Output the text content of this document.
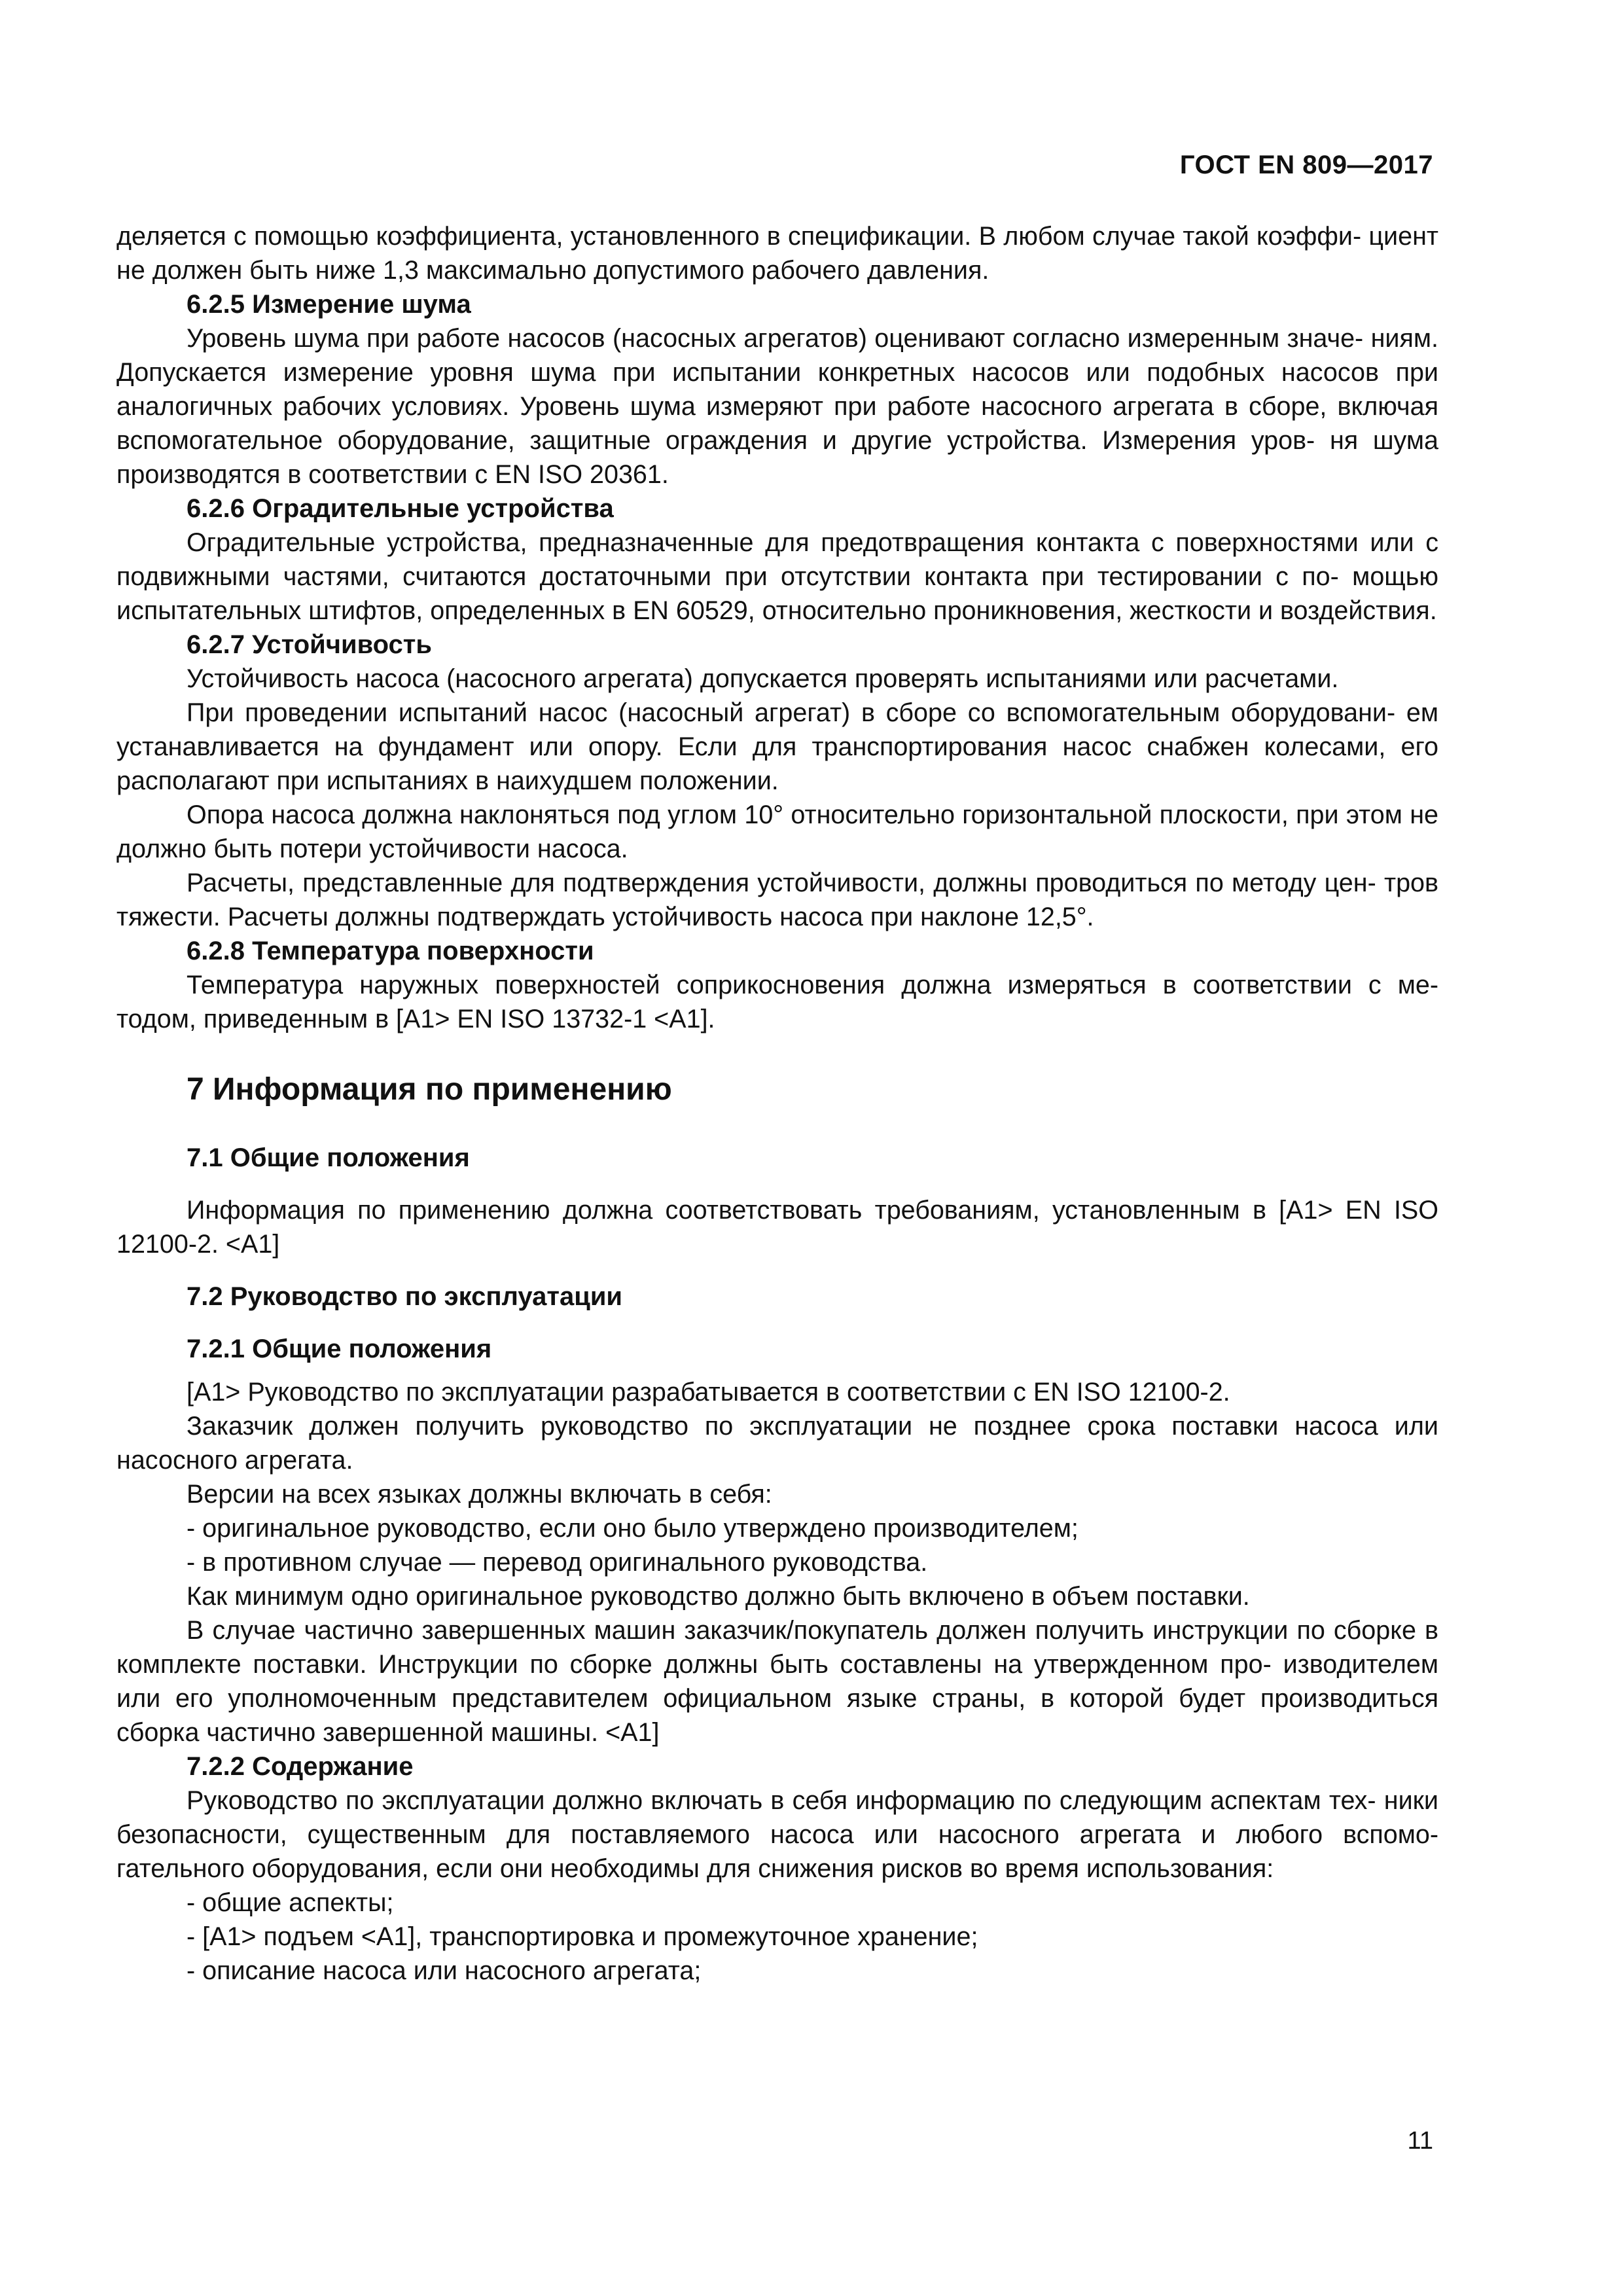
ГОСТ EN 809—2017

деляется с помощью коэффициента, установленного в спецификации. В любом случае такой коэффи- циент не должен быть ниже 1,3 максимально допустимого рабочего давления.

6.2.5 Измерение шума

Уровень шума при работе насосов (насосных агрегатов) оценивают согласно измеренным значе- ниям. Допускается измерение уровня шума при испытании конкретных насосов или подобных насосов при аналогичных рабочих условиях. Уровень шума измеряют при работе насосного агрегата в сборе, включая вспомогательное оборудование, защитные ограждения и другие устройства. Измерения уров- ня шума производятся в соответствии с EN ISO 20361.

6.2.6 Оградительные устройства

Оградительные устройства, предназначенные для предотвращения контакта с поверхностями или с подвижными частями, считаются достаточными при отсутствии контакта при тестировании с по- мощью испытательных штифтов, определенных в EN 60529, относительно проникновения, жесткости и воздействия.

6.2.7 Устойчивость

Устойчивость насоса (насосного агрегата) допускается проверять испытаниями или расчетами.

При проведении испытаний насос (насосный агрегат) в сборе со вспомогательным оборудовани- ем устанавливается на фундамент или опору. Если для транспортирования насос снабжен колесами, его располагают при испытаниях в наихудшем положении.

Опора насоса должна наклоняться под углом 10° относительно горизонтальной плоскости, при этом не должно быть потери устойчивости насоса.

Расчеты, представленные для подтверждения устойчивости, должны проводиться по методу цен- тров тяжести. Расчеты должны подтверждать устойчивость насоса при наклоне 12,5°.

6.2.8 Температура поверхности

Температура наружных поверхностей соприкосновения должна измеряться в соответствии с ме- тодом, приведенным в [A1> EN ISO 13732-1 <A1].

7 Информация по применению

7.1 Общие положения

Информация по применению должна соответствовать требованиям, установленным в [A1> EN ISO 12100-2. <A1]

7.2 Руководство по эксплуатации

7.2.1 Общие положения

[A1> Руководство по эксплуатации разрабатывается в соответствии с EN ISO 12100-2.

Заказчик должен получить руководство по эксплуатации не позднее срока поставки насоса или насосного агрегата.

Версии на всех языках должны включать в себя:

- оригинальное руководство, если оно было утверждено производителем;

- в противном случае — перевод оригинального руководства.

Как минимум одно оригинальное руководство должно быть включено в объем поставки.

В случае частично завершенных машин заказчик/покупатель должен получить инструкции по сборке в комплекте поставки. Инструкции по сборке должны быть составлены на утвержденном про- изводителем или его уполномоченным представителем официальном языке страны, в которой будет производиться сборка частично завершенной машины. <A1]

7.2.2 Содержание

Руководство по эксплуатации должно включать в себя информацию по следующим аспектам тех- ники безопасности, существенным для поставляемого насоса или насосного агрегата и любого вспомо- гательного оборудования, если они необходимы для снижения рисков во время использования:

- общие аспекты;

- [A1> подъем <A1], транспортировка и промежуточное хранение;

- описание насоса или насосного агрегата;

11
